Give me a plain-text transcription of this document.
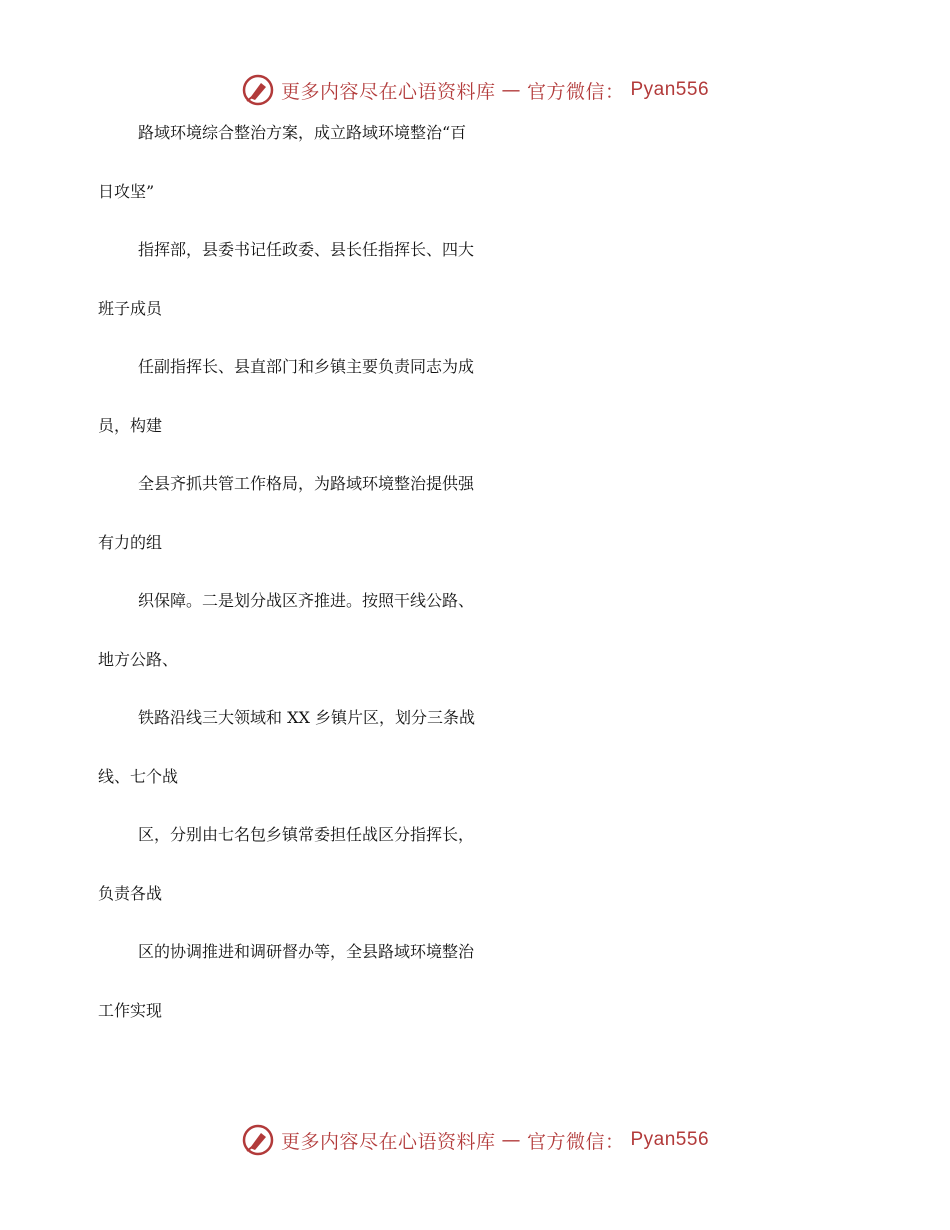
更多内容尽在心语资料库 — 官方微信： Pyan556
路域环境综合整治方案，成立路域环境整治“百
日攻坚”
指挥部，县委书记任政委、县长任指挥长、四大
班子成员
任副指挥长、县直部门和乡镇主要负责同志为成
员，构建
全县齐抓共管工作格局，为路域环境整治提供强
有力的组
织保障。二是划分战区齐推进。按照干线公路、
地方公路、
铁路沿线三大领域和 XX 乡镇片区，划分三条战
线、七个战
区，分别由七名包乡镇常委担任战区分指挥长，
负责各战
区的协调推进和调研督办等，全县路域环境整治
工作实现
更多内容尽在心语资料库 — 官方微信： Pyan556
